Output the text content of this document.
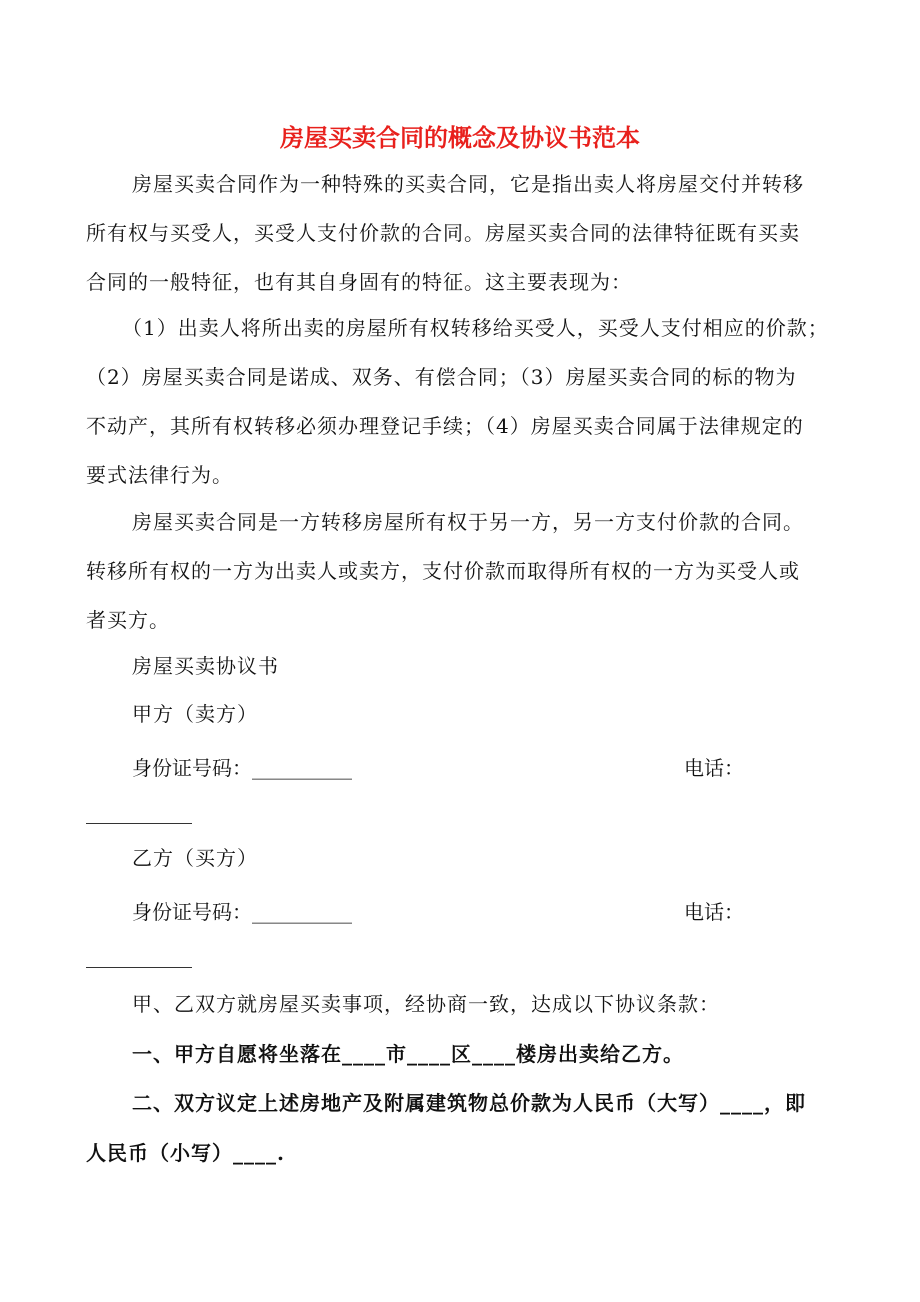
房屋买卖合同的概念及协议书范本
房屋买卖合同作为一种特殊的买卖合同，它是指出卖人将房屋交付并转移
所有权与买受人，买受人支付价款的合同。房屋买卖合同的法律特征既有买卖
合同的一般特征，也有其自身固有的特征。这主要表现为：
（1）出卖人将所出卖的房屋所有权转移给买受人，买受人支付相应的价款；
（2）房屋买卖合同是诺成、双务、有偿合同；（3）房屋买卖合同的标的物为
不动产，其所有权转移必须办理登记手续；（4）房屋买卖合同属于法律规定的
要式法律行为。
房屋买卖合同是一方转移房屋所有权于另一方，另一方支付价款的合同。
转移所有权的一方为出卖人或卖方，支付价款而取得所有权的一方为买受人或
者买方。
房屋买卖协议书
甲方（卖方）
身份证号码：__________	电话：
乙方（买方）
身份证号码：__________	电话：
甲、乙双方就房屋买卖事项，经协商一致，达成以下协议条款：
一、甲方自愿将坐落在____市____区____楼房出卖给乙方。
二、双方议定上述房地产及附属建筑物总价款为人民币（大写）____，即
人民币（小写）____.
